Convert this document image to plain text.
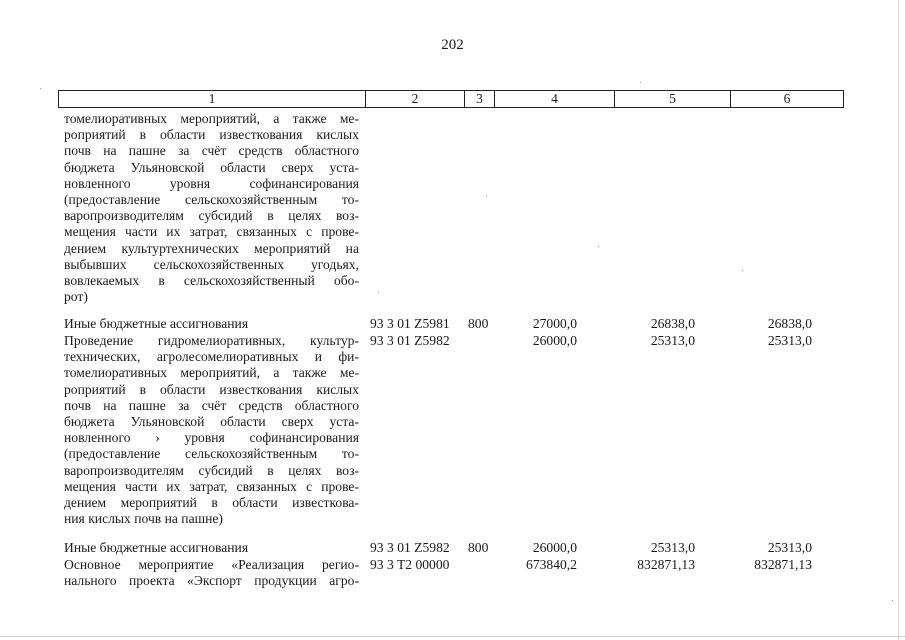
202
1	2	3	4	5	6
томелиоративных мероприятий, а также ме-
роприятий в области известкования кислых
почв на пашне за счёт средств областного
бюджета Ульяновской области сверх уста-
новленного уровня софинансирования
(предоставление сельскохозяйственным то-
варопроизводителям субсидий в целях воз-
мещения части их затрат, связанных с прове-
дением культуртехнических мероприятий на
выбывших сельскохозяйственных угодьях,
вовлекаемых в сельскохозяйственный обо-
рот)
Иные бюджетные ассигнования	93 3 01 Z5981 800	27000,0	26838,0	26838,0
Проведение гидромелиоративных, культур-
технических, агролесомелиоративных и фи-
томелиоративных мероприятий, а также ме-
роприятий в области известкования кислых
почв на пашне за счёт средств областного
бюджета Ульяновской области сверх уста-
новленного › уровня софинансирования
(предоставление сельскохозяйственным то-
варопроизводителям субсидий в целях воз-
мещения части их затрат, связанных с прове-
дением мероприятий в области известкова-
ния кислых почв на пашне)
93 3 01 Z5982	26000,0	25313,0	25313,0
Иные бюджетные ассигнования	93 3 01 Z5982 800	26000,0	25313,0	25313,0
Основное мероприятие «Реализация регио-
нального проекта «Экспорт продукции агро-
93 3 T2 00000	673840,2	832871,13	832871,13
